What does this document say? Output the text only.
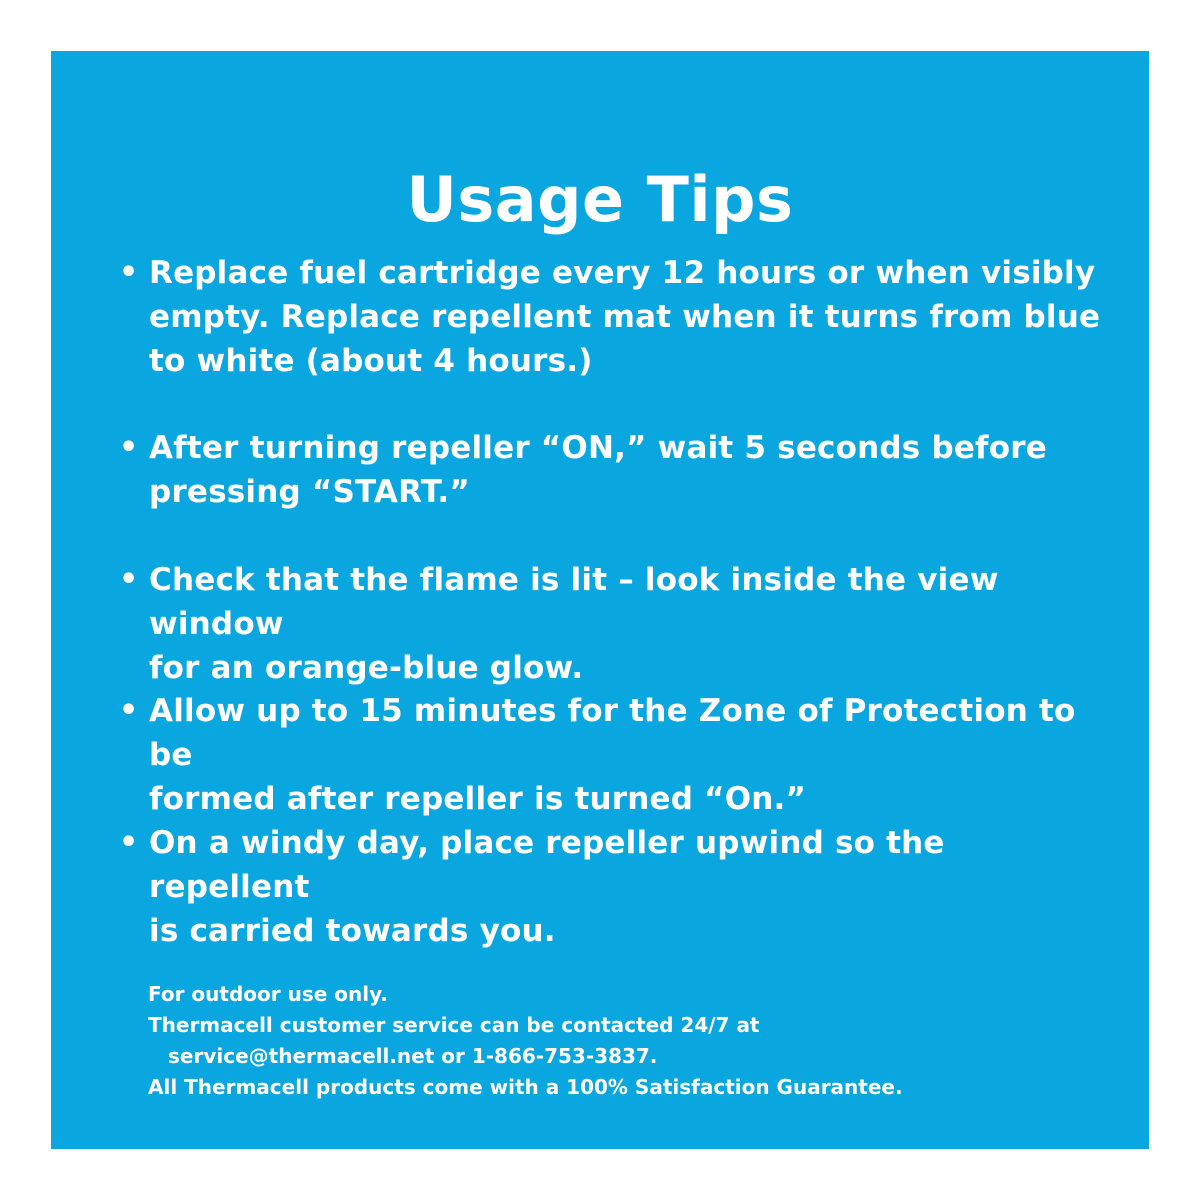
Usage Tips
• Replace fuel cartridge every 12 hours or when visibly
empty. Replace repellent mat when it turns from blue
to white (about 4 hours.)
• After turning repeller “ON,” wait 5 seconds before
pressing “START.”
• Check that the flame is lit – look inside the view window
for an orange-blue glow.
• Allow up to 15 minutes for the Zone of Protection to be
formed after repeller is turned “On.”
• On a windy day, place repeller upwind so the repellent
is carried towards you.
For outdoor use only.
Thermacell customer service can be contacted 24/7 at
service@thermacell.net or 1-866-753-3837.
All Thermacell products come with a 100% Satisfaction Guarantee.
